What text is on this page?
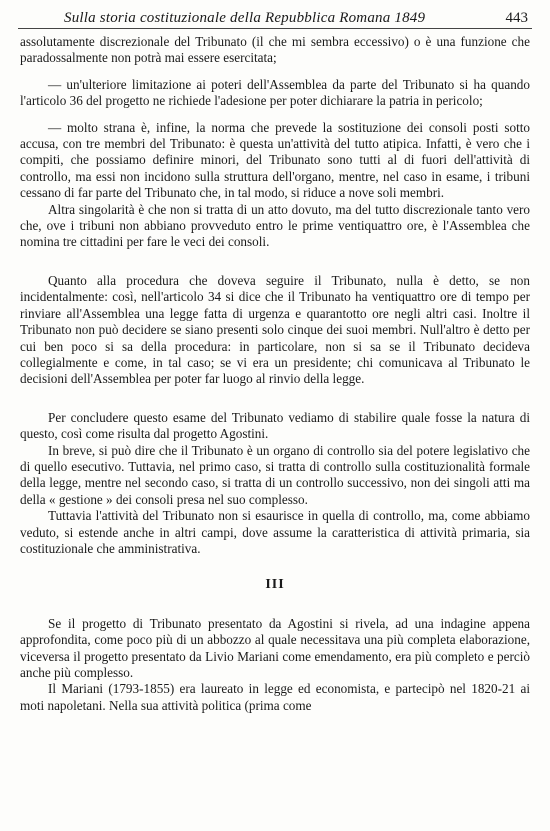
Sulla storia costituzionale della Repubblica Romana 1849	443

assolutamente discrezionale del Tribunato (il che mi sembra eccessivo) o è una funzione che paradossalmente non potrà mai essere esercitata;

— un'ulteriore limitazione ai poteri dell'Assemblea da parte del Tribunato si ha quando l'articolo 36 del progetto ne richiede l'adesione per poter dichiarare la patria in pericolo;

— molto strana è, infine, la norma che prevede la sostituzione dei consoli posti sotto accusa, con tre membri del Tribunato: è questa un'attività del tutto atipica. Infatti, è vero che i compiti, che possiamo definire minori, del Tribunato sono tutti al di fuori dell'attività di controllo, ma essi non incidono sulla struttura dell'organo, mentre, nel caso in esame, i tribuni cessano di far parte del Tribunato che, in tal modo, si riduce a nove soli membri.

Altra singolarità è che non si tratta di un atto dovuto, ma del tutto discrezionale tanto vero che, ove i tribuni non abbiano provveduto entro le prime ventiquattro ore, è l'Assemblea che nomina tre cittadini per fare le veci dei consoli.

Quanto alla procedura che doveva seguire il Tribunato, nulla è detto, se non incidentalmente: così, nell'articolo 34 si dice che il Tribunato ha ventiquattro ore di tempo per rinviare all'Assemblea una legge fatta di urgenza e quarantotto ore negli altri casi. Inoltre il Tribunato non può decidere se siano presenti solo cinque dei suoi membri. Null'altro è detto per cui ben poco si sa della procedura: in particolare, non si sa se il Tribunato decideva collegialmente e come, in tal caso; se vi era un presidente; chi comunicava al Tribunato le decisioni dell'Assemblea per poter far luogo al rinvio della legge.

Per concludere questo esame del Tribunato vediamo di stabilire quale fosse la natura di questo, così come risulta dal progetto Agostini.

In breve, si può dire che il Tribunato è un organo di controllo sia del potere legislativo che di quello esecutivo. Tuttavia, nel primo caso, si tratta di controllo sulla costituzionalità formale della legge, mentre nel secondo caso, si tratta di un controllo successivo, non dei singoli atti ma della « gestione » dei consoli presa nel suo complesso.

Tuttavia l'attività del Tribunato non si esaurisce in quella di controllo, ma, come abbiamo veduto, si estende anche in altri campi, dove assume la caratteristica di attività primaria, sia costituzionale che amministrativa.

III

Se il progetto di Tribunato presentato da Agostini si rivela, ad una indagine appena approfondita, come poco più di un abbozzo al quale necessitava una più completa elaborazione, viceversa il progetto presentato da Livio Mariani come emendamento, era più completo e perciò anche più complesso.

Il Mariani (1793-1855) era laureato in legge ed economista, e partecipò nel 1820-21 ai moti napoletani. Nella sua attività politica (prima come
